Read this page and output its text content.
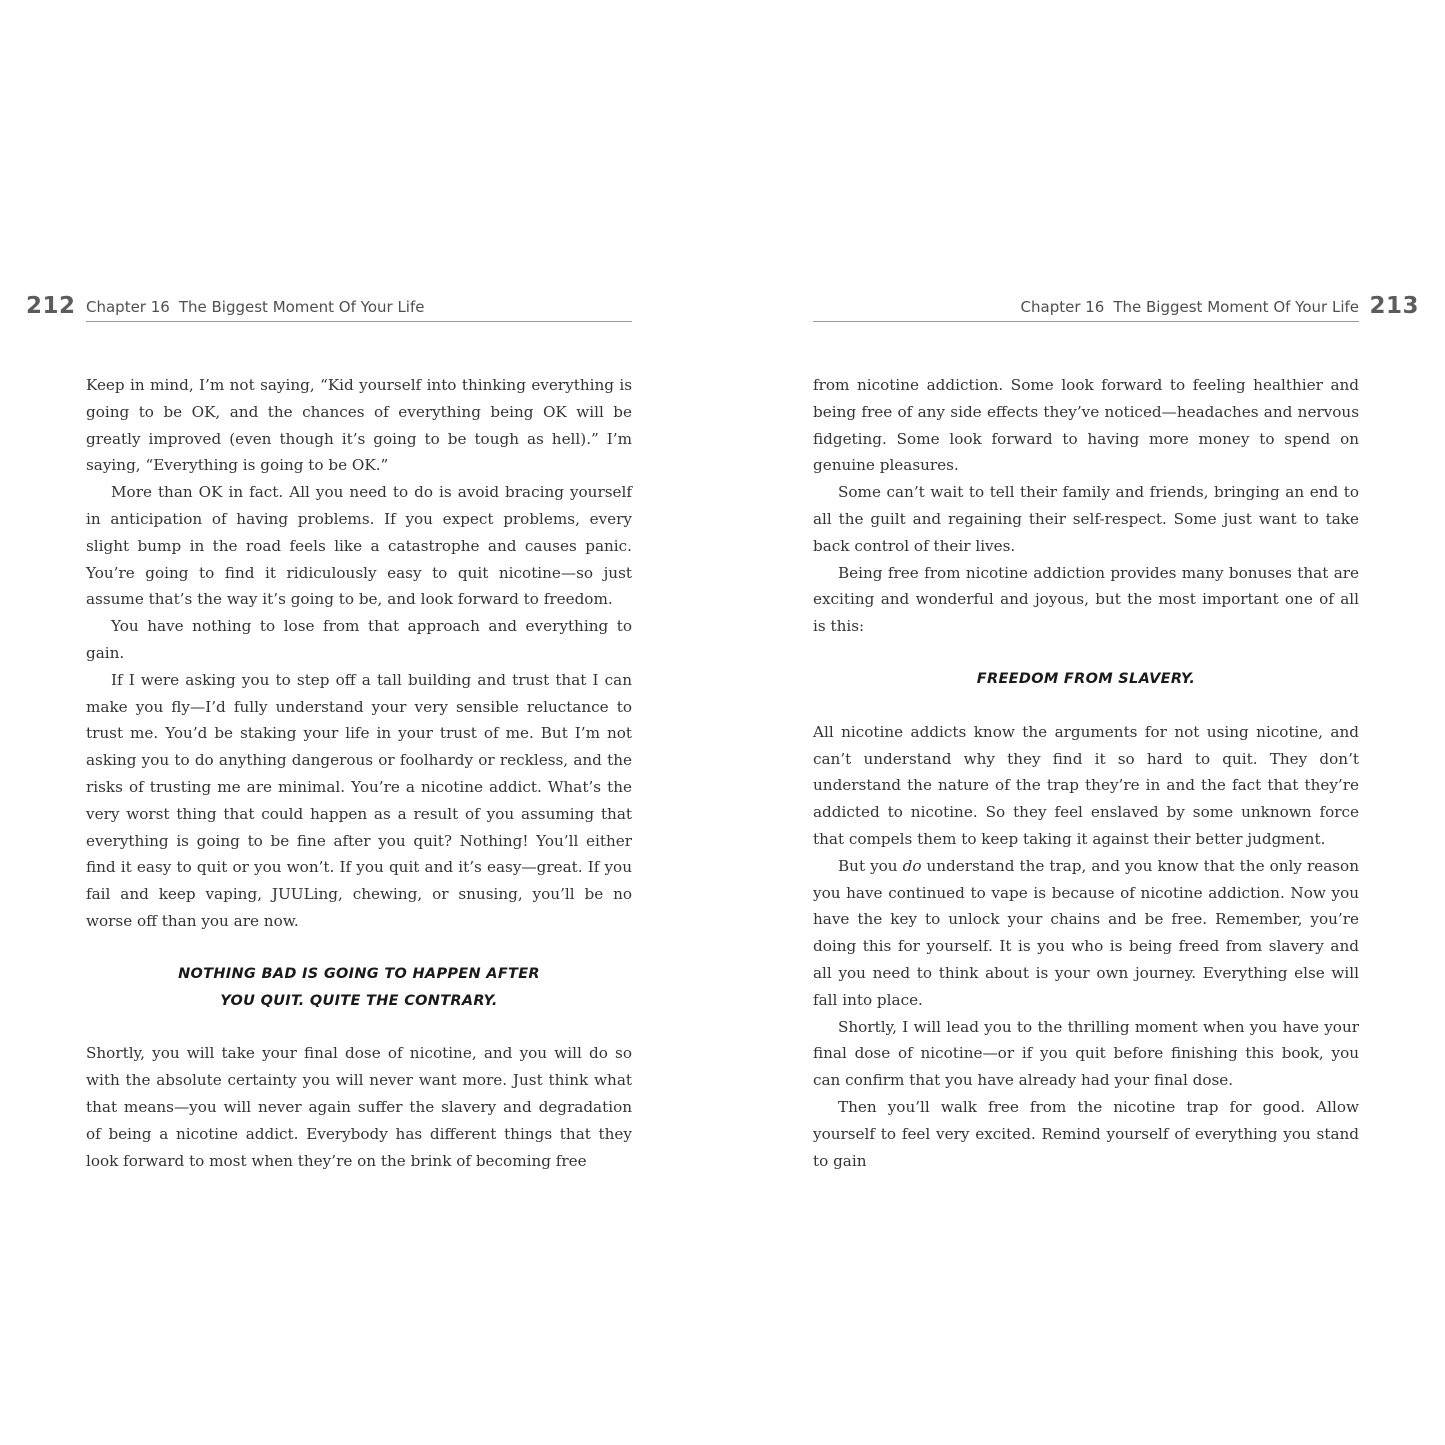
212 Chapter 16 The Biggest Moment Of Your Life

Keep in mind, I’m not saying, “Kid yourself into thinking everything is going to be OK, and the chances of everything being OK will be greatly improved (even though it’s going to be tough as hell).” I’m saying, “Everything is going to be OK.”

More than OK in fact. All you need to do is avoid bracing yourself in anticipation of having problems. If you expect problems, every slight bump in the road feels like a catastrophe and causes panic. You’re going to find it ridiculously easy to quit nicotine—so just assume that’s the way it’s going to be, and look forward to freedom.

You have nothing to lose from that approach and everything to gain.

If I were asking you to step off a tall building and trust that I can make you fly—I’d fully understand your very sensible reluctance to trust me. You’d be staking your life in your trust of me. But I’m not asking you to do anything dangerous or foolhardy or reckless, and the risks of trusting me are minimal. You’re a nicotine addict. What’s the very worst thing that could happen as a result of you assuming that everything is going to be fine after you quit? Nothing! You’ll either find it easy to quit or you won’t. If you quit and it’s easy—great. If you fail and keep vaping, JUULing, chewing, or snusing, you’ll be no worse off than you are now.

NOTHING BAD IS GOING TO HAPPEN AFTER
YOU QUIT. QUITE THE CONTRARY.

Shortly, you will take your final dose of nicotine, and you will do so with the absolute certainty you will never want more. Just think what that means—you will never again suffer the slavery and degradation of being a nicotine addict. Everybody has different things that they look forward to most when they’re on the brink of becoming free

Chapter 16 The Biggest Moment Of Your Life 213

from nicotine addiction. Some look forward to feeling healthier and being free of any side effects they’ve noticed—headaches and nervous fidgeting. Some look forward to having more money to spend on genuine pleasures.

Some can’t wait to tell their family and friends, bringing an end to all the guilt and regaining their self-respect. Some just want to take back control of their lives.

Being free from nicotine addiction provides many bonuses that are exciting and wonderful and joyous, but the most important one of all is this:

FREEDOM FROM SLAVERY.

All nicotine addicts know the arguments for not using nicotine, and can’t understand why they find it so hard to quit. They don’t understand the nature of the trap they’re in and the fact that they’re addicted to nicotine. So they feel enslaved by some unknown force that compels them to keep taking it against their better judgment.

But you do understand the trap, and you know that the only reason you have continued to vape is because of nicotine addiction. Now you have the key to unlock your chains and be free. Remember, you’re doing this for yourself. It is you who is being freed from slavery and all you need to think about is your own journey. Everything else will fall into place.

Shortly, I will lead you to the thrilling moment when you have your final dose of nicotine—or if you quit before finishing this book, you can confirm that you have already had your final dose.

Then you’ll walk free from the nicotine trap for good. Allow yourself to feel very excited. Remind yourself of everything you stand to gain
